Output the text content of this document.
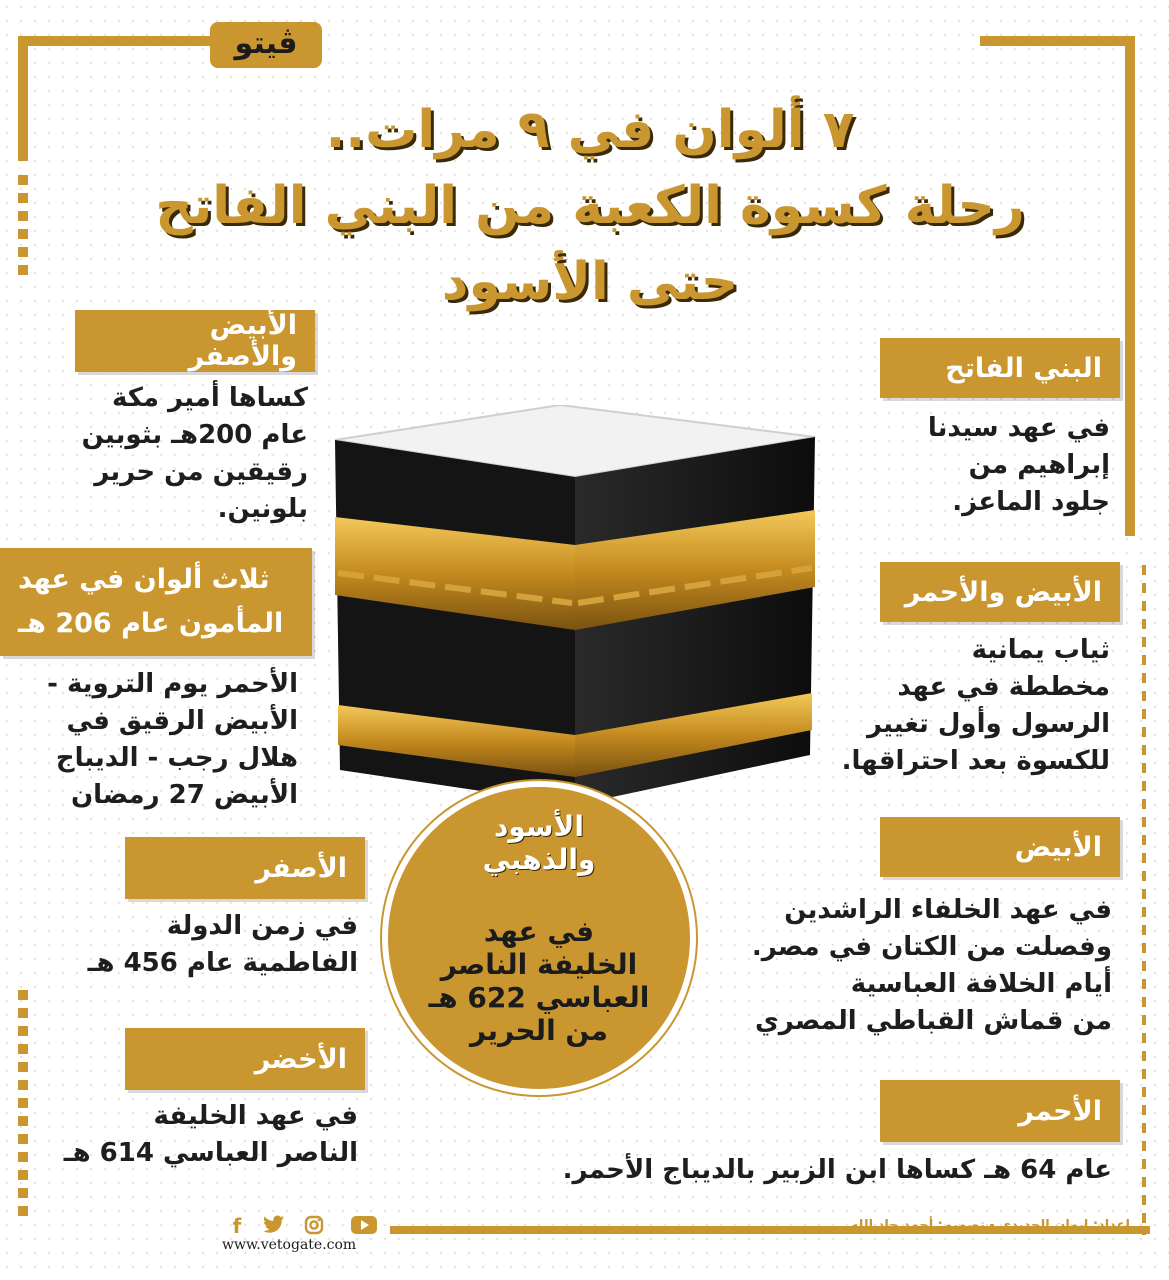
ڤيتو
٧ ألوان في ٩ مرات..
رحلة كسوة الكعبة من البني الفاتح
حتى الأسود
البني الفاتح
في عهد سيدنا
إبراهيم من
جلود الماعز.
الأبيض والأحمر
ثياب يمانية
مخططة في عهد
الرسول وأول تغيير
للكسوة بعد احتراقها.
الأبيض
في عهد الخلفاء الراشدين
وفصلت من الكتان في مصر.
أيام الخلافة العباسية
من قماش القباطي المصري
الأحمر
عام 64 هـ كساها ابن الزبير بالديباج الأحمر.
الأبيض والأصفر
كساها أمير مكة
عام 200هـ بثوبين
رقيقين من حرير بلونين.
ثلاث ألوان في عهد
المأمون عام 206 هـ
الأحمر يوم التروية -
الأبيض الرقيق في
هلال رجب - الديباج
الأبيض 27 رمضان
الأصفر
في زمن الدولة
الفاطمية عام 456 هـ
الأخضر
في عهد الخليفة
الناصر العباسي 614 هـ
الأسود
والذهبي
في عهد
الخليفة الناصر
العباسي 622 هـ
من الحرير
f
www.vetogate.com
إعداد: إيمان الحديدي - تصميم: أحمد جاد الله
